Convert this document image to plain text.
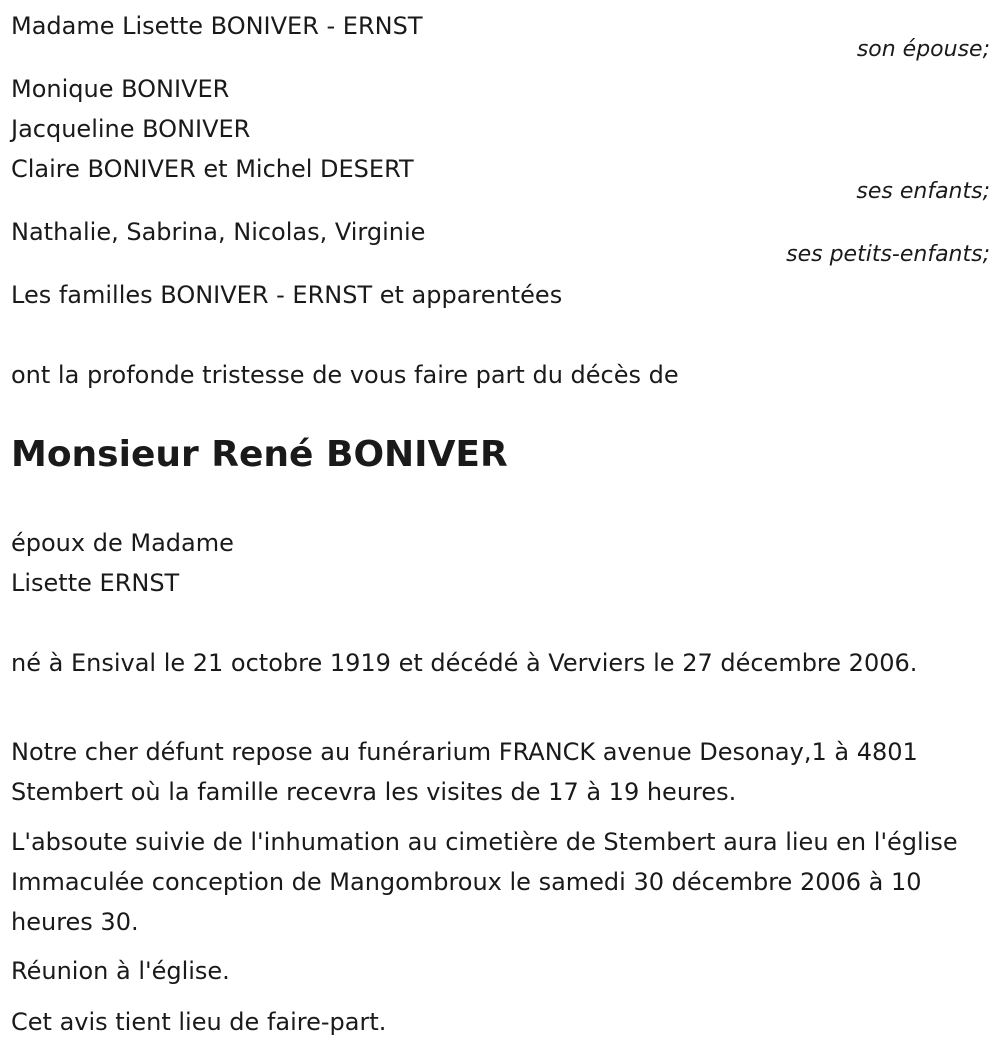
Madame Lisette BONIVER - ERNST
son épouse;
Monique BONIVER
Jacqueline BONIVER
Claire BONIVER et Michel DESERT
ses enfants;
Nathalie, Sabrina, Nicolas, Virginie
ses petits-enfants;
Les familles BONIVER - ERNST et apparentées
ont la profonde tristesse de vous faire part du décès de
Monsieur René BONIVER
époux de Madame
Lisette ERNST

né à Ensival le 21 octobre 1919 et décédé à Verviers le 27 décembre 2006.

Notre cher défunt repose au funérarium FRANCK avenue Desonay,1 à 4801 Stembert où la famille recevra les visites de 17 à 19 heures.

L'absoute suivie de l'inhumation au cimetière de Stembert aura lieu en l'église Immaculée conception de Mangombroux le samedi 30 décembre 2006 à 10 heures 30.

Réunion à l'église.

Cet avis tient lieu de faire-part.
